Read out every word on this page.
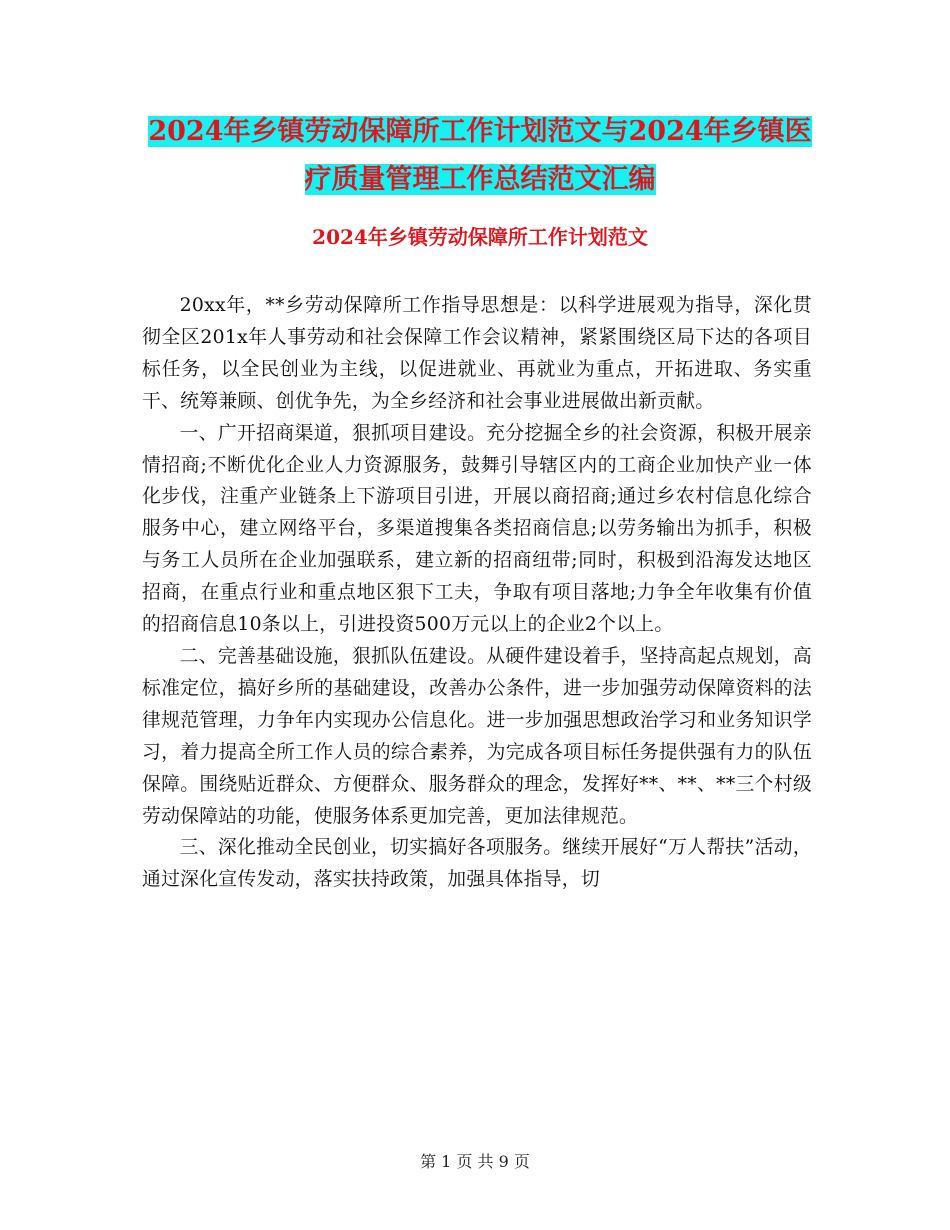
2024年乡镇劳动保障所工作计划范文与2024年乡镇医
疗质量管理工作总结范文汇编
2024年乡镇劳动保障所工作计划范文

20xx年，**乡劳动保障所工作指导思想是：以科学进展观为指导，深化贯彻全区201x年人事劳动和社会保障工作会议精神，紧紧围绕区局下达的各项目标任务，以全民创业为主线，以促进就业、再就业为重点，开拓进取、务实重干、统筹兼顾、创优争先，为全乡经济和社会事业进展做出新贡献。

一、广开招商渠道，狠抓项目建设。充分挖掘全乡的社会资源，积极开展亲情招商;不断优化企业人力资源服务，鼓舞引导辖区内的工商企业加快产业一体化步伐，注重产业链条上下游项目引进，开展以商招商;通过乡农村信息化综合服务中心，建立网络平台，多渠道搜集各类招商信息;以劳务输出为抓手，积极与务工人员所在企业加强联系，建立新的招商纽带;同时，积极到沿海发达地区招商，在重点行业和重点地区狠下工夫，争取有项目落地;力争全年收集有价值的招商信息10条以上，引进投资500万元以上的企业2个以上。

二、完善基础设施，狠抓队伍建设。从硬件建设着手，坚持高起点规划，高标准定位，搞好乡所的基础建设，改善办公条件，进一步加强劳动保障资料的法律规范管理，力争年内实现办公信息化。进一步加强思想政治学习和业务知识学习，着力提高全所工作人员的综合素养，为完成各项目标任务提供强有力的队伍保障。围绕贴近群众、方便群众、服务群众的理念，发挥好**、**、**三个村级劳动保障站的功能，使服务体系更加完善，更加法律规范。

三、深化推动全民创业，切实搞好各项服务。继续开展好“万人帮扶”活动，通过深化宣传发动，落实扶持政策，加强具体指导，切

第 1 页 共 9 页
